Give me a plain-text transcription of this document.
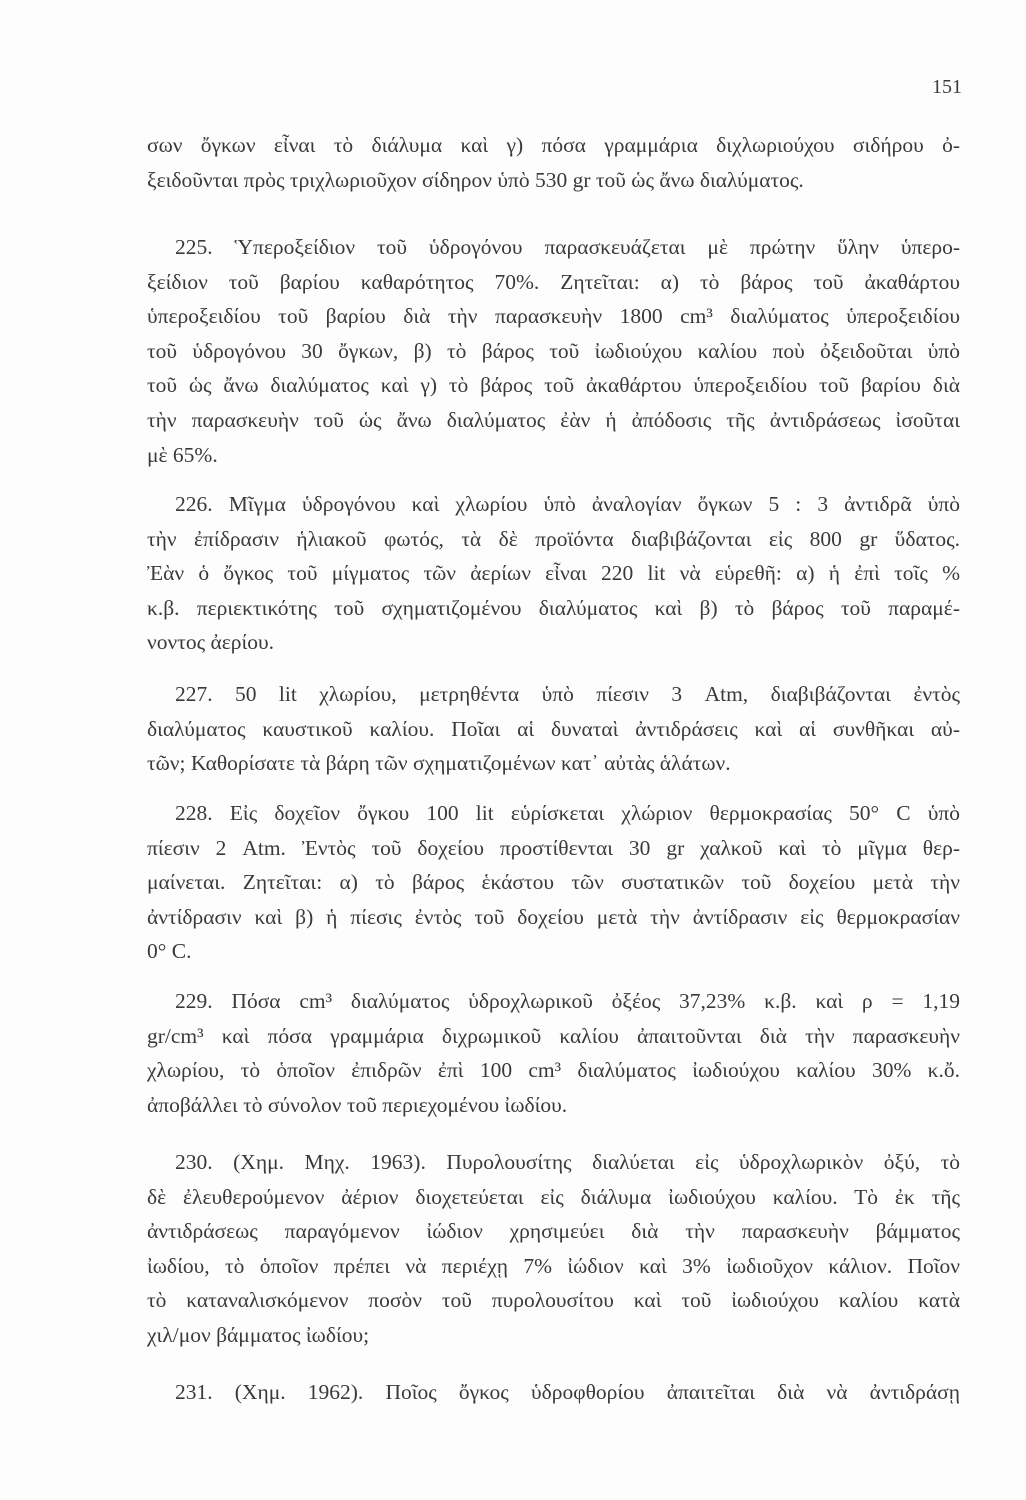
151
σων ὄγκων εἶναι τὸ διάλυμα καὶ γ) πόσα γραμμάρια διχλωριούχου σιδήρου ὀ-
ξειδοῦνται πρὸς τριχλωριοῦχον σίδηρον ὑπὸ 530 gr τοῦ ὡς ἄνω διαλύματος.
225. Ὑπεροξείδιον τοῦ ὑδρογόνου παρασκευάζεται μὲ πρώτην ὕλην ὑπερο-
ξείδιον τοῦ βαρίου καθαρότητος 70%. Ζητεῖται: α) τὸ βάρος τοῦ ἀκαθάρτου
ὑπεροξειδίου τοῦ βαρίου διὰ τὴν παρασκευὴν 1800 cm³ διαλύματος ὑπεροξειδίου
τοῦ ὑδρογόνου 30 ὄγκων, β) τὸ βάρος τοῦ ἰωδιούχου καλίου ποὺ ὀξειδοῦται ὑπὸ
τοῦ ὡς ἄνω διαλύματος καὶ γ) τὸ βάρος τοῦ ἀκαθάρτου ὑπεροξειδίου τοῦ βαρίου διὰ
τὴν παρασκευὴν τοῦ ὡς ἄνω διαλύματος ἐὰν ἡ ἀπόδοσις τῆς ἀντιδράσεως ἰσοῦται
μὲ 65%.
226. Μῖγμα ὑδρογόνου καὶ χλωρίου ὑπὸ ἀναλογίαν ὄγκων 5 : 3 ἀντιδρᾶ ὑπὸ
τὴν ἐπίδρασιν ἡλιακοῦ φωτός, τὰ δὲ προϊόντα διαβιβάζονται εἰς 800 gr ὕδατος.
Ἐὰν ὁ ὄγκος τοῦ μίγματος τῶν ἀερίων εἶναι 220 lit νὰ εὑρεθῆ: α) ἡ ἐπὶ τοῖς %
κ.β. περιεκτικότης τοῦ σχηματιζομένου διαλύματος καὶ β) τὸ βάρος τοῦ παραμέ-
νοντος ἀερίου.
227. 50 lit χλωρίου, μετρηθέντα ὑπὸ πίεσιν 3 Atm, διαβιβάζονται ἐντὸς
διαλύματος καυστικοῦ καλίου. Ποῖαι αἱ δυναταὶ ἀντιδράσεις καὶ αἱ συνθῆκαι αὐ-
τῶν; Καθορίσατε τὰ βάρη τῶν σχηματιζομένων κατ᾽ αὐτὰς ἁλάτων.
228. Εἰς δοχεῖον ὄγκου 100 lit εὑρίσκεται χλώριον θερμοκρασίας 50° C ὑπὸ
πίεσιν 2 Atm. Ἐντὸς τοῦ δοχείου προστίθενται 30 gr χαλκοῦ καὶ τὸ μῖγμα θερ-
μαίνεται. Ζητεῖται: α) τὸ βάρος ἑκάστου τῶν συστατικῶν τοῦ δοχείου μετὰ τὴν
ἀντίδρασιν καὶ β) ἡ πίεσις ἐντὸς τοῦ δοχείου μετὰ τὴν ἀντίδρασιν εἰς θερμοκρασίαν
0° C.
229. Πόσα cm³ διαλύματος ὑδροχλωρικοῦ ὀξέος 37,23% κ.β. καὶ ρ = 1,19
gr/cm³ καὶ πόσα γραμμάρια διχρωμικοῦ καλίου ἀπαιτοῦνται διὰ τὴν παρασκευὴν
χλωρίου, τὸ ὁποῖον ἐπιδρῶν ἐπὶ 100 cm³ διαλύματος ἰωδιούχου καλίου 30% κ.ὄ.
ἀποβάλλει τὸ σύνολον τοῦ περιεχομένου ἰωδίου.
230. (Χημ. Μηχ. 1963). Πυρολουσίτης διαλύεται εἰς ὑδροχλωρικὸν ὀξύ, τὸ
δὲ ἐλευθερούμενον ἀέριον διοχετεύεται εἰς διάλυμα ἰωδιούχου καλίου. Τὸ ἐκ τῆς
ἀντιδράσεως παραγόμενον ἰώδιον χρησιμεύει διὰ τὴν παρασκευὴν βάμματος
ἰωδίου, τὸ ὁποῖον πρέπει νὰ περιέχῃ 7% ἰώδιον καὶ 3% ἰωδιοῦχον κάλιον. Ποῖον
τὸ καταναλισκόμενον ποσὸν τοῦ πυρολουσίτου καὶ τοῦ ἰωδιούχου καλίου κατὰ
χιλ/μον βάμματος ἰωδίου;
231. (Χημ. 1962). Ποῖος ὄγκος ὑδροφθορίου ἀπαιτεῖται διὰ νὰ ἀντιδράσῃ
